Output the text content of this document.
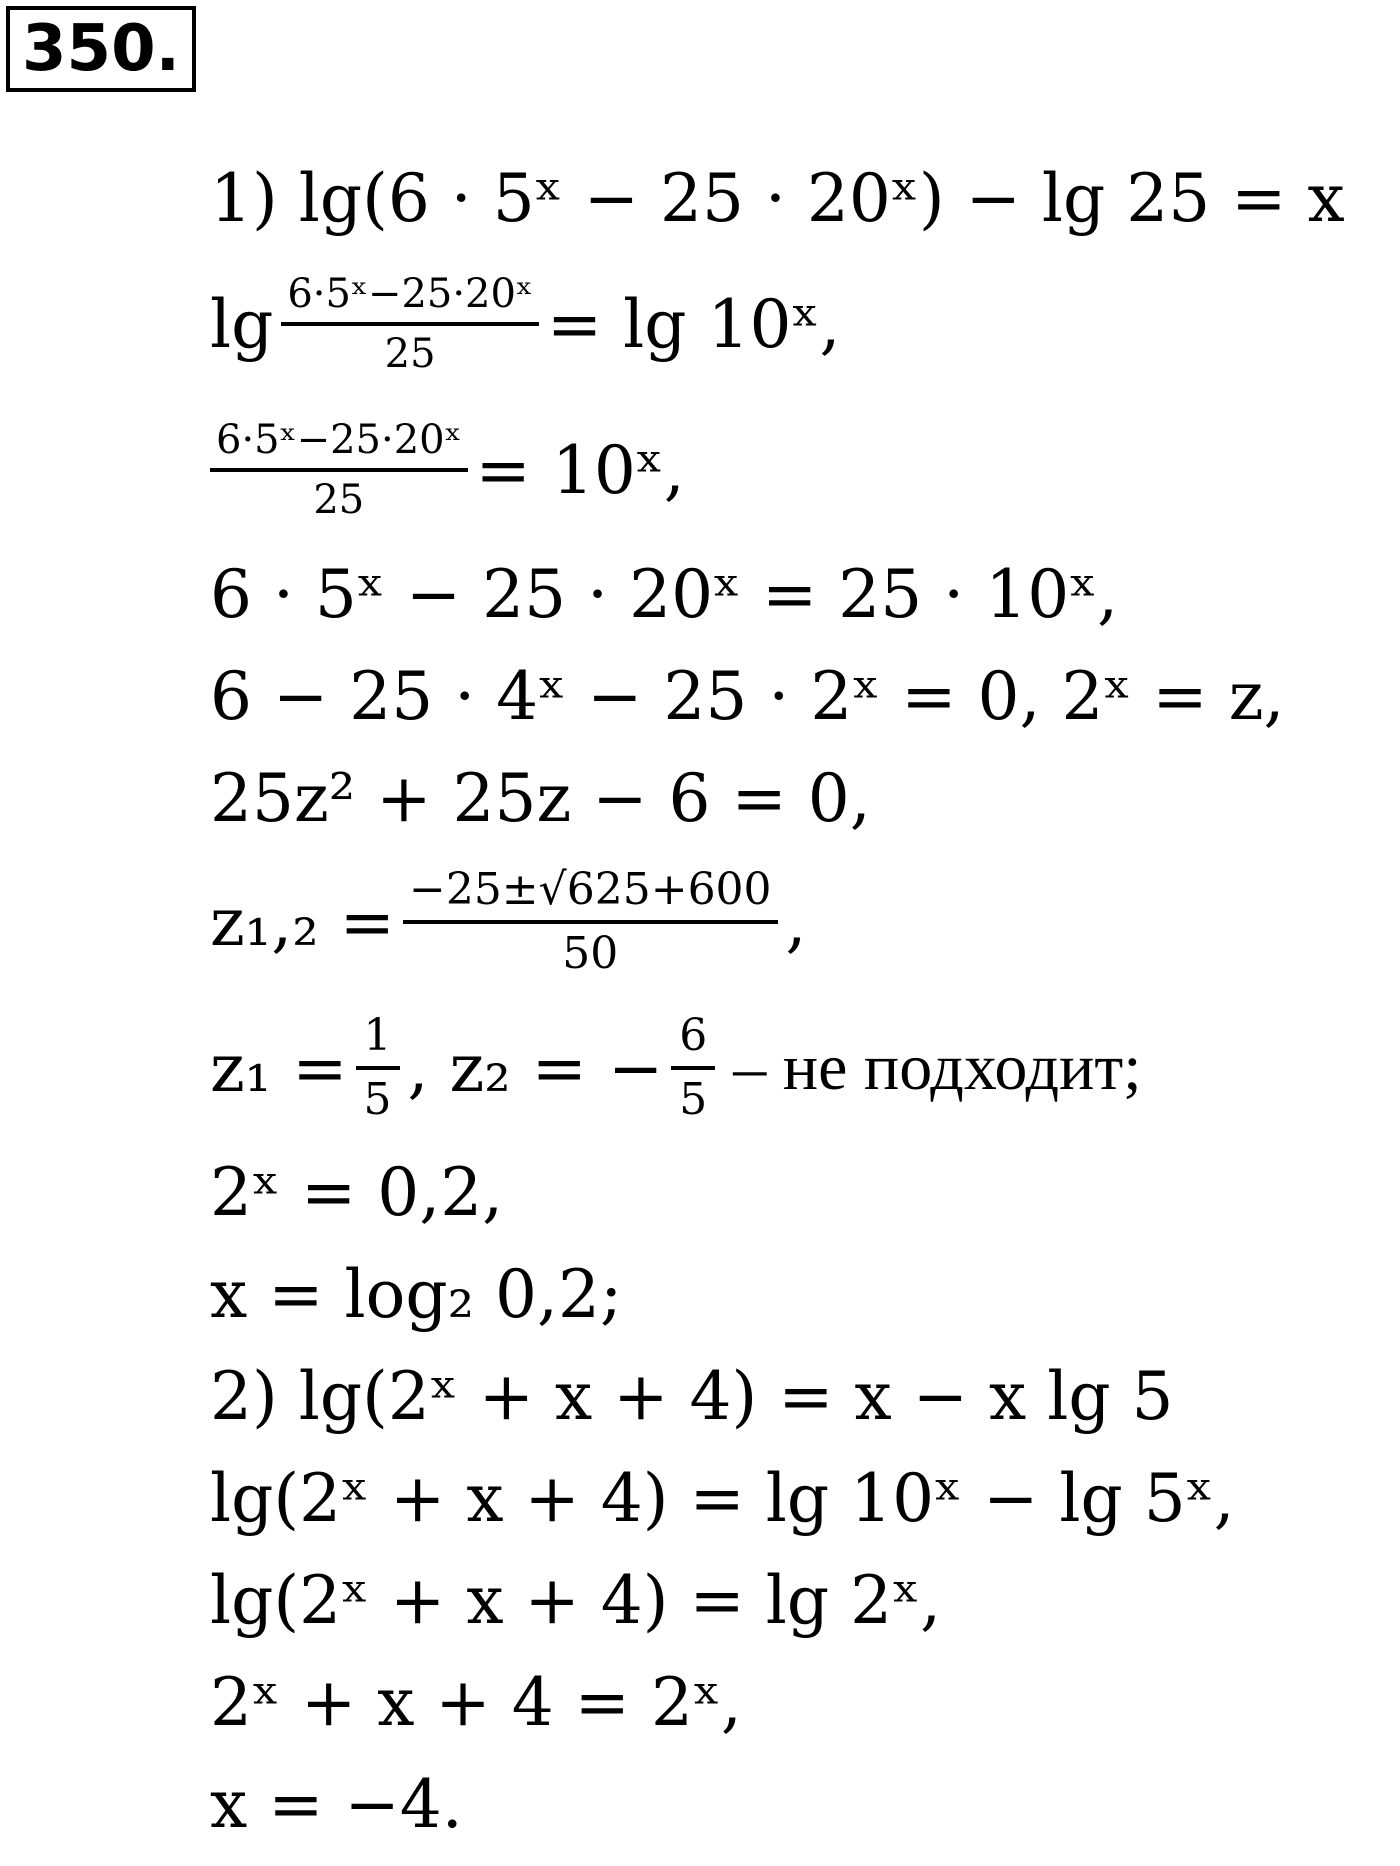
350.
1) lg(6 · 5ˣ − 25 · 20ˣ) − lg 25 = x
$\lg \frac{\text{6·5ˣ−25·20ˣ}}{25} = \lg$ 10ˣ,
$\frac{\text{6·5ˣ−25·20ˣ}}{25}$ = 10ˣ,
6 · 5ˣ − 25 · 20ˣ = 25 · 10ˣ,
6 − 25 · 4ˣ − 25 · 2ˣ = 0, 2ˣ = z,
25z² + 25z − 6 = 0,
$z_1,_2 = \frac{-25\pm√625+600}{50}$ ,
$z_1 = \frac{1}{5}$ , z₂ = − $\frac{6}{5}$ – не подходит;
2ˣ = 0,2,
x = log₂ 0,2;
2) lg(2ˣ + x + 4) = x − x lg 5
lg(2ˣ + x + 4) = lg 10ˣ − lg 5ˣ,
lg(2ˣ + x + 4) = lg 2ˣ,
2ˣ + x + 4 = 2ˣ,
x = −4.
